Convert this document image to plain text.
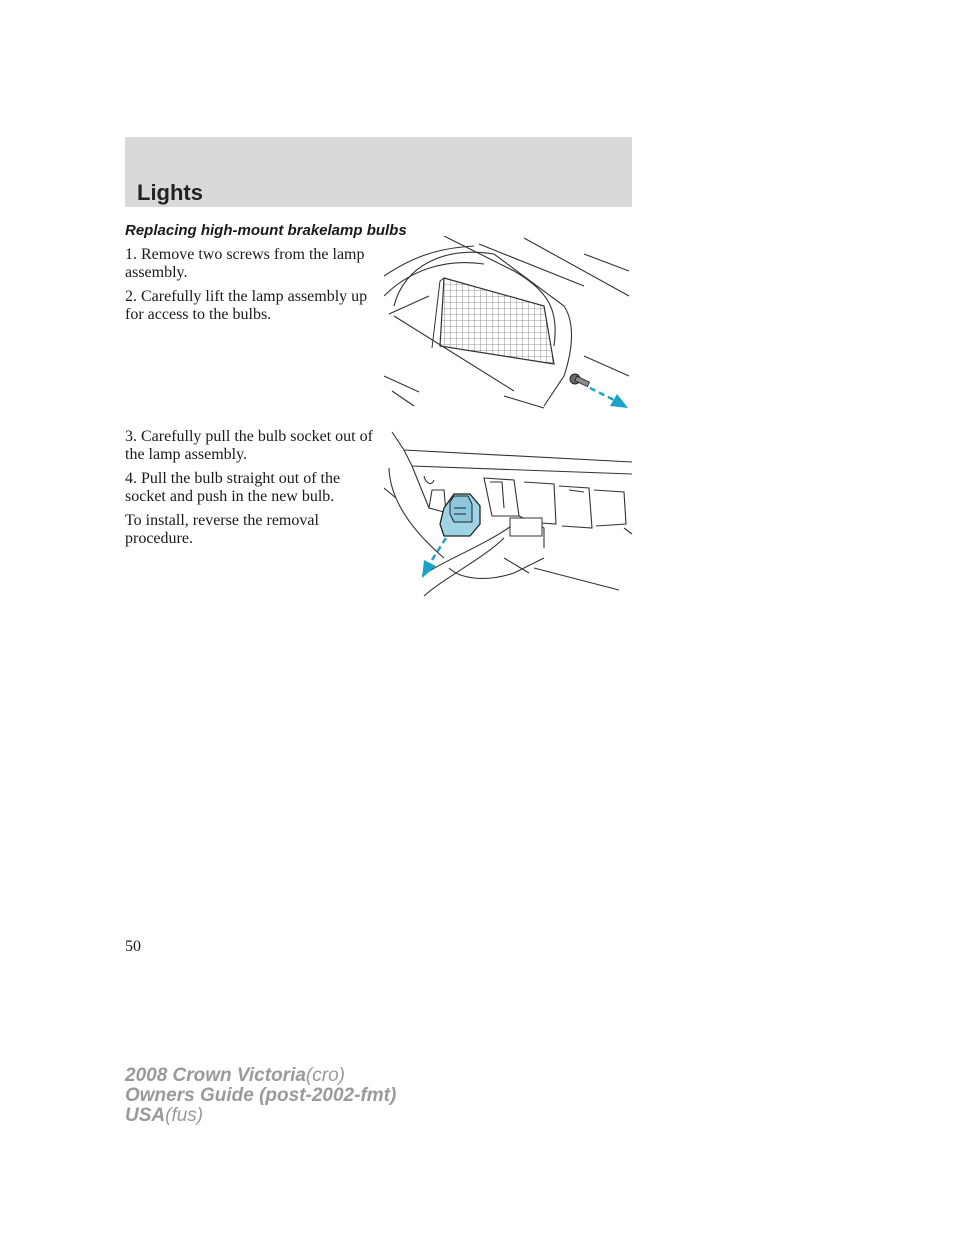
Lights
Replacing high-mount brakelamp bulbs

1. Remove two screws from the lamp assembly.

2. Carefully lift the lamp assembly up for access to the bulbs.

3. Carefully pull the bulb socket out of the lamp assembly.

4. Pull the bulb straight out of the socket and push in the new bulb.

To install, reverse the removal procedure.

50

2008 Crown Victoria(cro)
Owners Guide (post-2002-fmt)
USA(fus)
